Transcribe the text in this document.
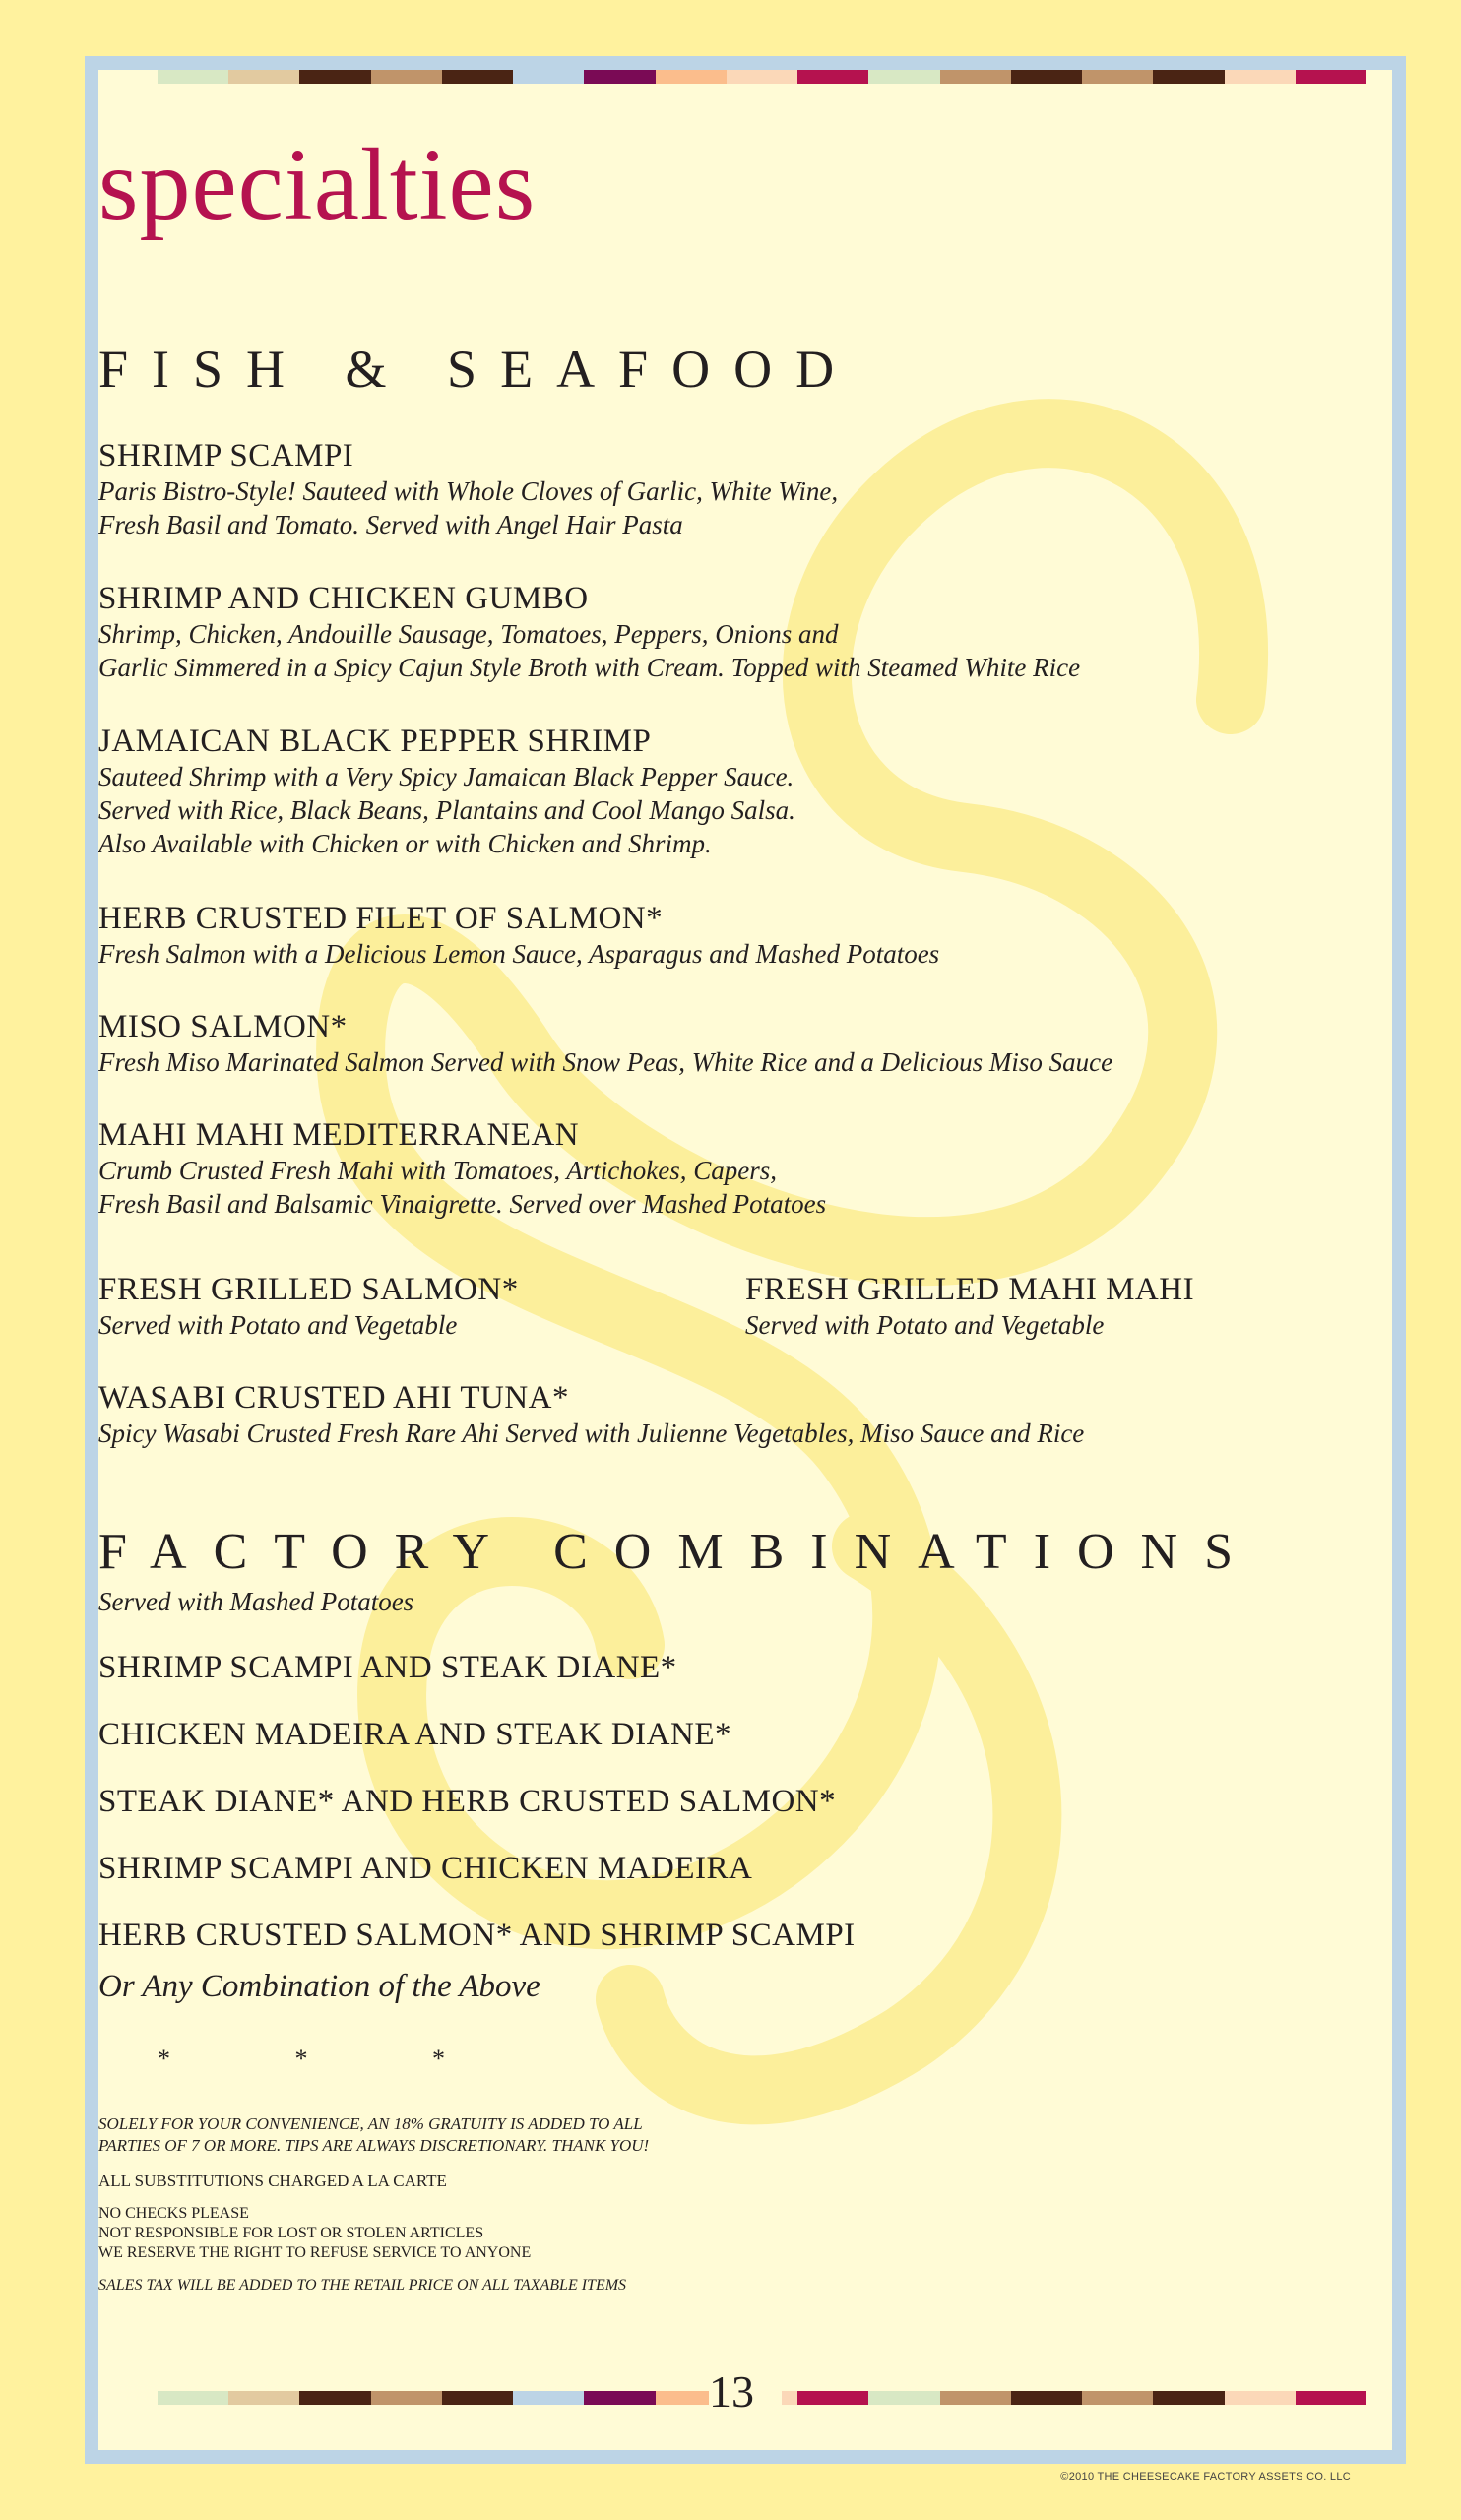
specialties
FISH & SEAFOOD
SHRIMP SCAMPI
Paris Bistro-Style! Sauteed with Whole Cloves of Garlic, White Wine,
Fresh Basil and Tomato. Served with Angel Hair Pasta
SHRIMP AND CHICKEN GUMBO
Shrimp, Chicken, Andouille Sausage, Tomatoes, Peppers, Onions and
Garlic Simmered in a Spicy Cajun Style Broth with Cream. Topped with Steamed White Rice
JAMAICAN BLACK PEPPER SHRIMP
Sauteed Shrimp with a Very Spicy Jamaican Black Pepper Sauce.
Served with Rice, Black Beans, Plantains and Cool Mango Salsa.
Also Available with Chicken or with Chicken and Shrimp.
HERB CRUSTED FILET OF SALMON*
Fresh Salmon with a Delicious Lemon Sauce, Asparagus and Mashed Potatoes
MISO SALMON*
Fresh Miso Marinated Salmon Served with Snow Peas, White Rice and a Delicious Miso Sauce
MAHI MAHI MEDITERRANEAN
Crumb Crusted Fresh Mahi with Tomatoes, Artichokes, Capers,
Fresh Basil and Balsamic Vinaigrette. Served over Mashed Potatoes
FRESH GRILLED SALMON*
Served with Potato and Vegetable
FRESH GRILLED MAHI MAHI
Served with Potato and Vegetable
WASABI CRUSTED AHI TUNA*
Spicy Wasabi Crusted Fresh Rare Ahi Served with Julienne Vegetables, Miso Sauce and Rice
FACTORY COMBINATIONS
Served with Mashed Potatoes
SHRIMP SCAMPI AND STEAK DIANE*
CHICKEN MADEIRA AND STEAK DIANE*
STEAK DIANE* AND HERB CRUSTED SALMON*
SHRIMP SCAMPI AND CHICKEN MADEIRA
HERB CRUSTED SALMON* AND SHRIMP SCAMPI
Or Any Combination of the Above
* * *
SOLELY FOR YOUR CONVENIENCE, AN 18% GRATUITY IS ADDED TO ALL
PARTIES OF 7 OR MORE. TIPS ARE ALWAYS DISCRETIONARY. THANK YOU!
ALL SUBSTITUTIONS CHARGED A LA CARTE
NO CHECKS PLEASE
NOT RESPONSIBLE FOR LOST OR STOLEN ARTICLES
WE RESERVE THE RIGHT TO REFUSE SERVICE TO ANYONE
SALES TAX WILL BE ADDED TO THE RETAIL PRICE ON ALL TAXABLE ITEMS
13
©2010 THE CHEESECAKE FACTORY ASSETS CO. LLC
